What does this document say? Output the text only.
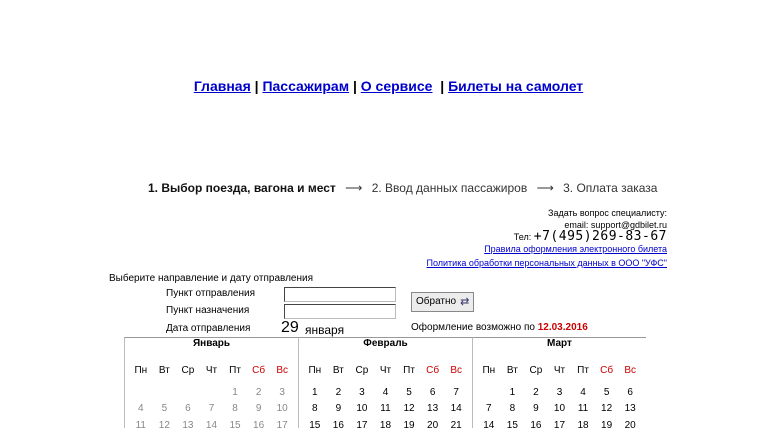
Главная | Пассажирам | О сервисе | Билеты на самолет
1. Выбор поезда, вагона и мест ⟶ 2. Ввод данных пассажиров ⟶ 3. Оплата заказа
Задать вопрос специалисту:
email: support@gdbilet.ru
Тел: +7(495)269-83-67
Правила оформления электронного билета
Политика обработки персональных данных в ООО "УФС"
Выберите направление и дату отправления
Пункт отправления
Пункт назначения
Обратно ⇄
Дата отправления 29 января	Оформление возможно по 12.03.2016
Январь
Пн	Вт	Ср	Чт	Пт	Сб	Вс
				1	2	3
4	5	6	7	8	9	10
11	12	13	14	15	16	17
Февраль
Пн	Вт	Ср	Чт	Пт	Сб	Вс
1	2	3	4	5	6	7
8	9	10	11	12	13	14
15	16	17	18	19	20	21
Март
Пн	Вт	Ср	Чт	Пт	Сб	Вс
	1	2	3	4	5	6
7	8	9	10	11	12	13
14	15	16	17	18	19	20
